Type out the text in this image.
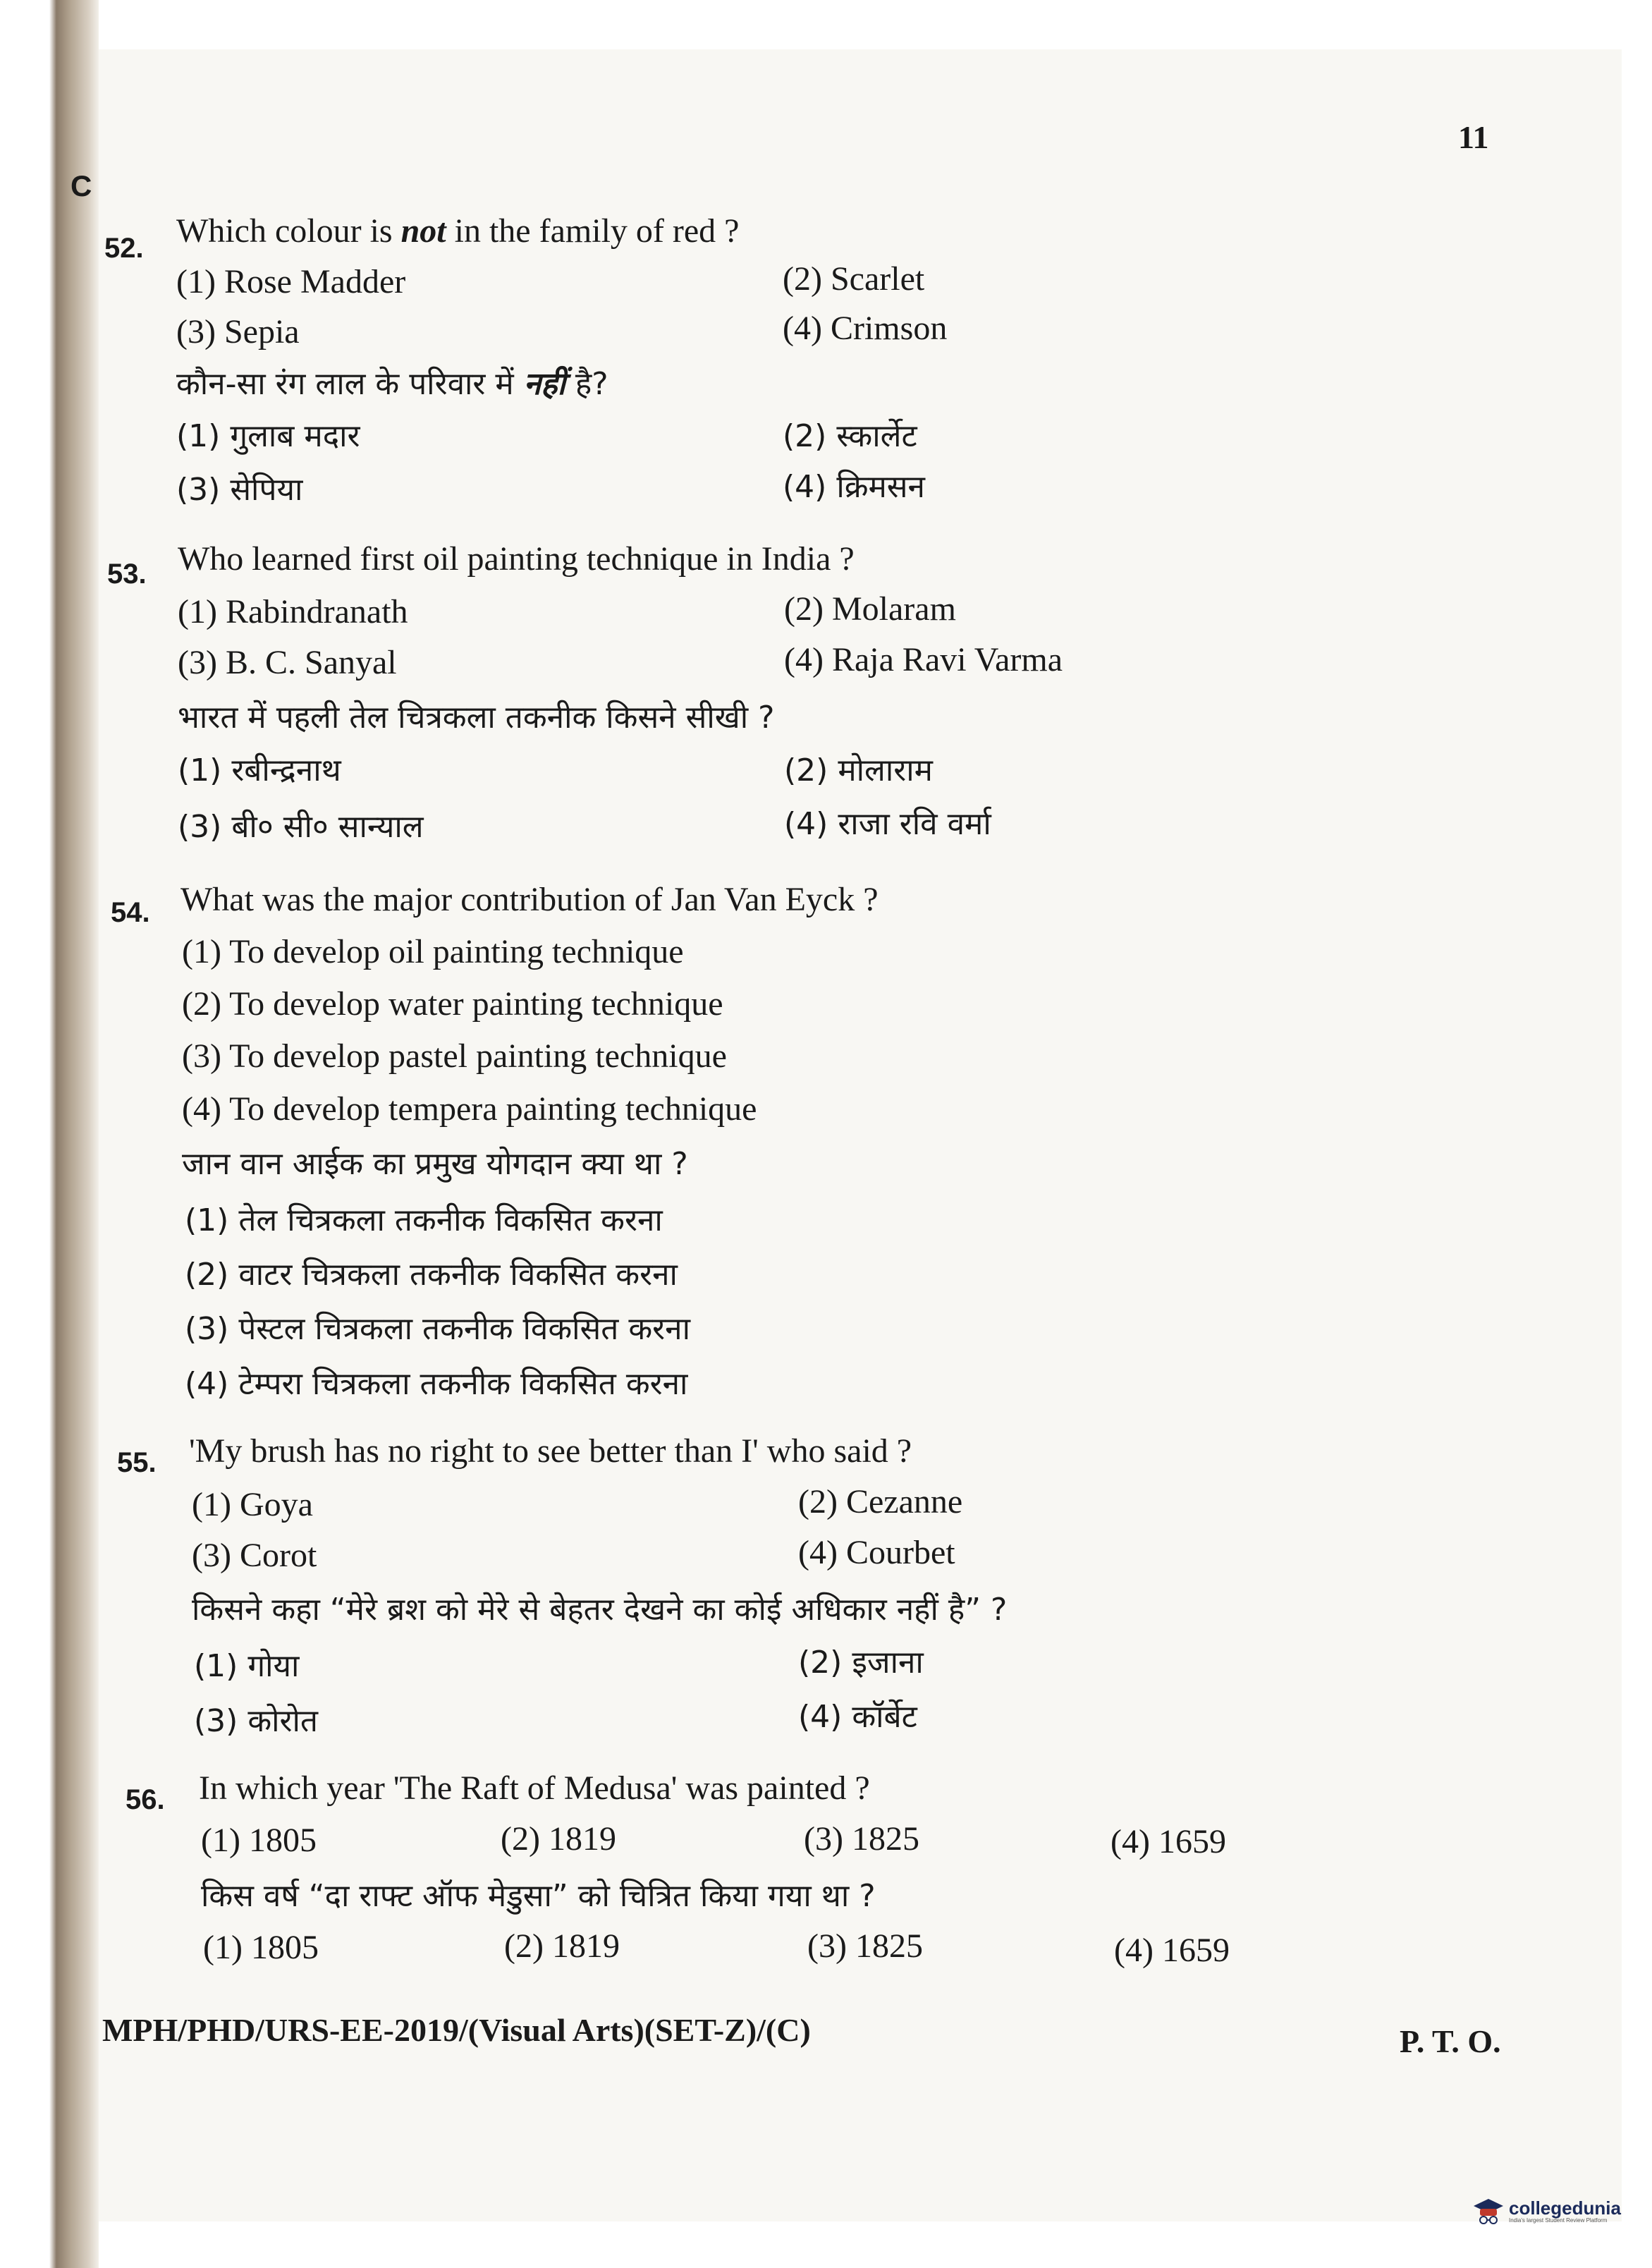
11
C
52. Which colour is not in the family of red ?
(1) Rose Madder	(2) Scarlet
(3) Sepia	(4) Crimson
कौन-सा रंग लाल के परिवार में नहीं है?
(1) गुलाब मदार	(2) स्कार्लेट
(3) सेपिया	(4) क्रिमसन
53. Who learned first oil painting technique in India ?
(1) Rabindranath	(2) Molaram
(3) B. C. Sanyal	(4) Raja Ravi Varma
भारत में पहली तेल चित्रकला तकनीक किसने सीखी ?
(1) रबीन्द्रनाथ	(2) मोलाराम
(3) बी० सी० सान्याल	(4) राजा रवि वर्मा
54. What was the major contribution of Jan Van Eyck ?
(1) To develop oil painting technique
(2) To develop water painting technique
(3) To develop pastel painting technique
(4) To develop tempera painting technique
जान वान आईक का प्रमुख योगदान क्या था ?
(1) तेल चित्रकला तकनीक विकसित करना
(2) वाटर चित्रकला तकनीक विकसित करना
(3) पेस्टल चित्रकला तकनीक विकसित करना
(4) टेम्परा चित्रकला तकनीक विकसित करना
55. 'My brush has no right to see better than I' who said ?
(1) Goya	(2) Cezanne
(3) Corot	(4) Courbet
किसने कहा “मेरे ब्रश को मेरे से बेहतर देखने का कोई अधिकार नहीं है” ?
(1) गोया	(2) इजाना
(3) कोरोत	(4) कॉर्बेट
56. In which year 'The Raft of Medusa' was painted ?
(1) 1805	(2) 1819	(3) 1825	(4) 1659
किस वर्ष “दा राफ्ट ऑफ मेडुसा” को चित्रित किया गया था ?
(1) 1805	(2) 1819	(3) 1825	(4) 1659
MPH/PHD/URS-EE-2019/(Visual Arts)(SET-Z)/(C)	P. T. O.
collegedunia
India's largest Student Review Platform
